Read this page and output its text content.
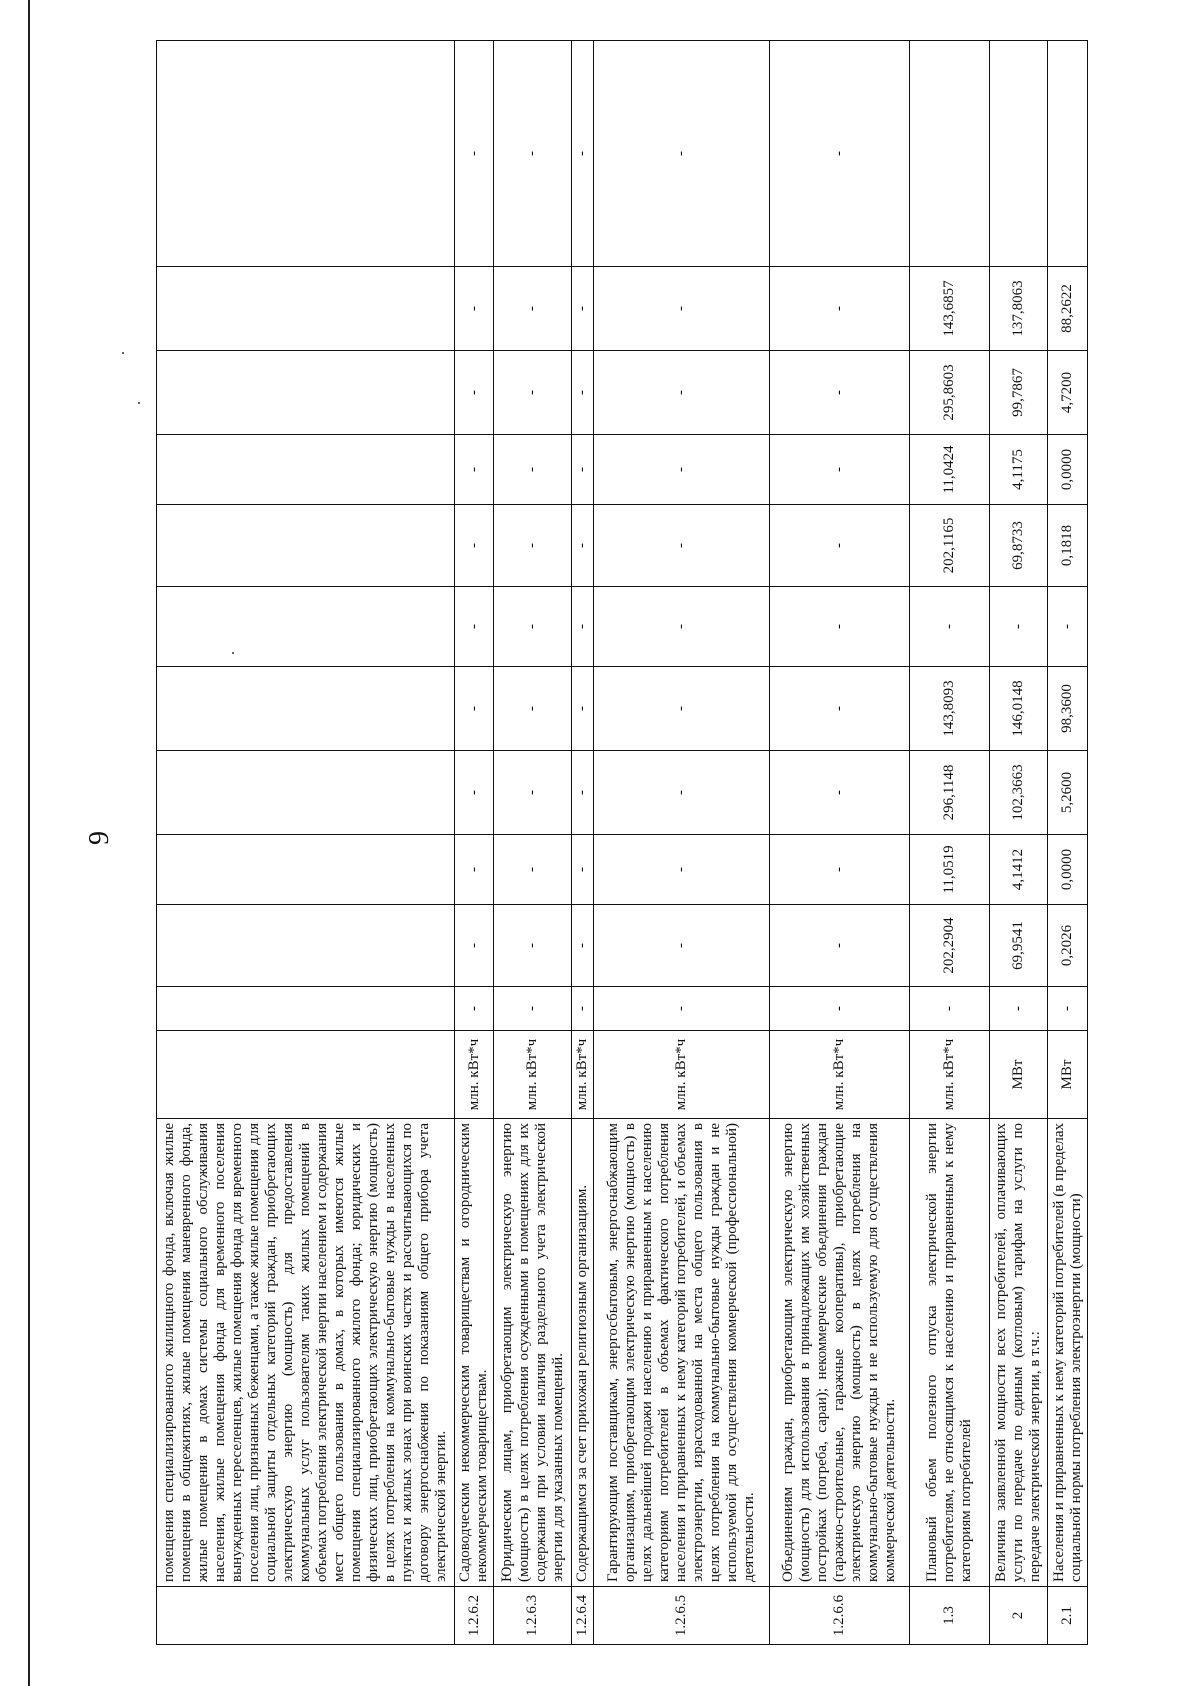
9

	помещения специализированного жилищного фонда, включая жилые помещения в общежитиях, жилые помещения маневренного фонда, жилые помещения в домах системы социального обслуживания населения, жилые помещения фонда для временного поселения вынужденных переселенцев, жилые помещения фонда для временного поселения лиц, признанных беженцами, а также жилые помещения для социальной защиты отдельных категорий граждан, приобретающих электрическую энергию (мощность) для предоставления коммунальных услуг пользователям таких жилых помещений в объемах потребления электрической энергии населением и содержания мест общего пользования в домах, в которых имеются жилые помещения специализированного жилого фонда; юридических и физических лиц, приобретающих электрическую энергию (мощность) в целях потребления на коммунально-бытовые нужды в населенных пунктах и жилых зонах при воинских частях и рассчитывающихся по договору энергоснабжения по показаниям общего прибора учета электрической энергии.												

1.2.6.2	Садоводческим некоммерческим товариществам и огородническим некоммерческим товариществам.	млн. кВт*ч	-	-	-	-	-	-	-	-	-	-	-
1.2.6.3	Юридическим лицам, приобретающим электрическую энергию (мощность) в целях потребления осужденными в помещениях для их содержания при условии наличия раздельного учета электрической энергии для указанных помещений.	млн. кВт*ч	-	-	-	-	-	-	-	-	-	-	-
1.2.6.4	Содержащимся за счет прихожан религиозным организациям.	млн. кВт*ч	-	-	-	-	-	-	-	-	-	-	-
1.2.6.5	Гарантирующим поставщикам, энергосбытовым, энергоснабжающим организациям, приобретающим электрическую энергию (мощность) в целях дальнейшей продажи населению и приравненным к населению категориям потребителей в объемах фактического потребления населения и приравненных к нему категорий потребителей, и объемах электроэнергии, израсходованной на места общего пользования в целях потребления на коммунально-бытовые нужды граждан и не используемой для осуществления коммерческой (профессиональной) деятельности.	млн. кВт*ч	-	-	-	-	-	-	-	-	-	-	-
1.2.6.6	Объединениям граждан, приобретающим электрическую энергию (мощность) для использования в принадлежащих им хозяйственных постройках (погреба, сараи); некоммерческие объединения граждан (гаражно-строительные, гаражные кооперативы), приобретающие электрическую энергию (мощность) в целях потребления на коммунально-бытовые нужды и не используемую для осуществления коммерческой деятельности.	млн. кВт*ч	-	-	-	-	-	-	-	-	-	-	-
1.3	Плановый объем полезного отпуска электрической энергии потребителям, не относящимся к населению и приравненным к нему категориям потребителей	млн. кВт*ч	-	202,2904	11,0519	296,1148	143,8093	-	202,1165	11,0424	295,8603	143,6857	
2	Величина заявленной мощности всех потребителей, оплачивающих услуги по передаче по единым (котловым) тарифам на услуги по передаче электрической энергии, в т.ч.:	МВт	-	69,9541	4,1412	102,3663	146,0148	-	69,8733	4,1175	99,7867	137,8063	
2.1	Населения и приравненных к нему категорий потребителей (в пределах социальной нормы потребления электроэнергии (мощности)	МВт	-	0,2026	0,0000	5,2600	98,3600	-	0,1818	0,0000	4,7200	88,2622	
